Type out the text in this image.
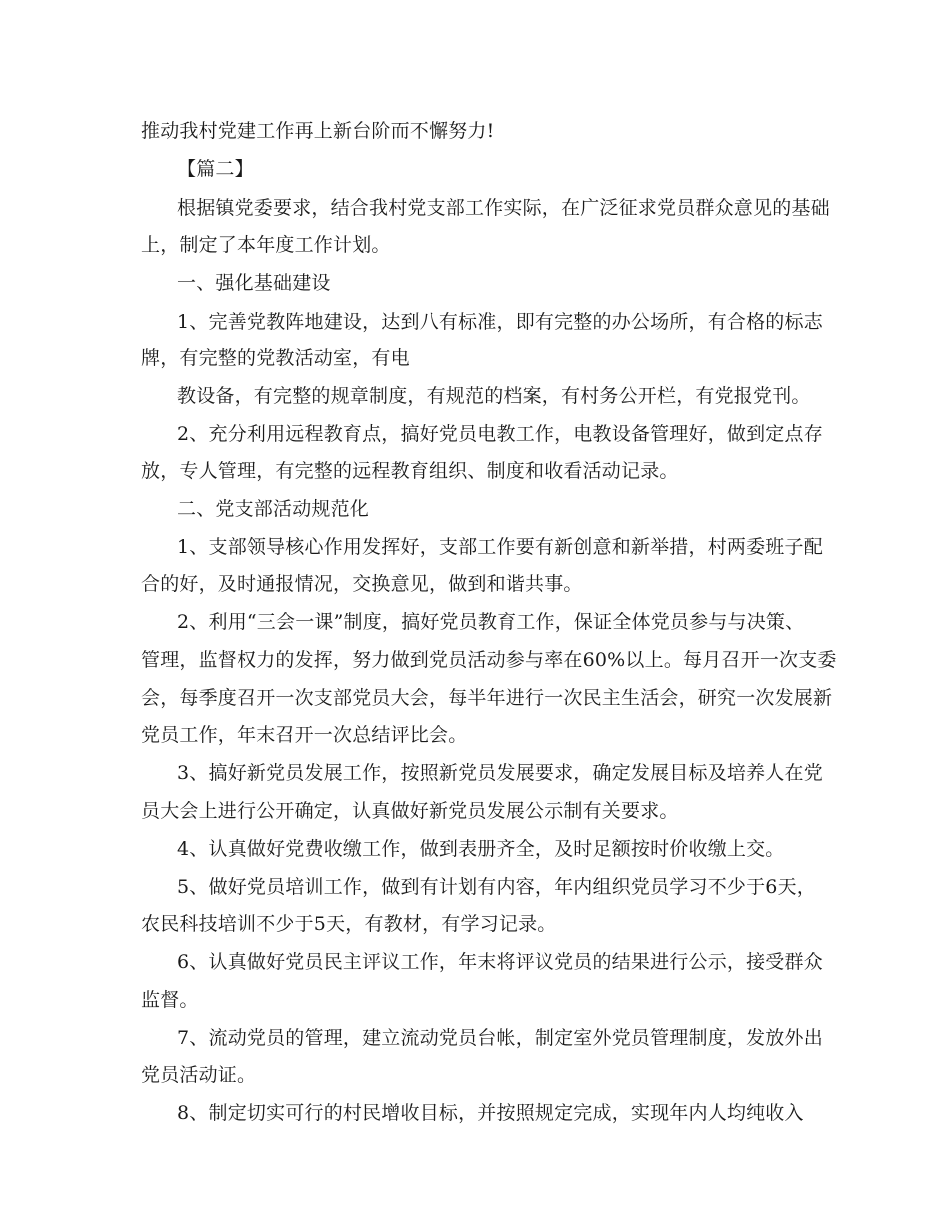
推动我村党建工作再上新台阶而不懈努力!
【篇二】
根据镇党委要求，结合我村党支部工作实际，在广泛征求党员群众意见的基础
上，制定了本年度工作计划。
一、强化基础建设
1、完善党教阵地建设，达到八有标准，即有完整的办公场所，有合格的标志
牌，有完整的党教活动室，有电
教设备，有完整的规章制度，有规范的档案，有村务公开栏，有党报党刊。
2、充分利用远程教育点，搞好党员电教工作，电教设备管理好，做到定点存
放，专人管理，有完整的远程教育组织、制度和收看活动记录。
二、党支部活动规范化
1、支部领导核心作用发挥好，支部工作要有新创意和新举措，村两委班子配
合的好，及时通报情况，交换意见，做到和谐共事。
2、利用“三会一课”制度，搞好党员教育工作，保证全体党员参与与决策、
管理，监督权力的发挥，努力做到党员活动参与率在60%以上。每月召开一次支委
会，每季度召开一次支部党员大会，每半年进行一次民主生活会，研究一次发展新
党员工作，年末召开一次总结评比会。
3、搞好新党员发展工作，按照新党员发展要求，确定发展目标及培养人在党
员大会上进行公开确定，认真做好新党员发展公示制有关要求。
4、认真做好党费收缴工作，做到表册齐全，及时足额按时价收缴上交。
5、做好党员培训工作，做到有计划有内容，年内组织党员学习不少于6天，
农民科技培训不少于5天，有教材，有学习记录。
6、认真做好党员民主评议工作，年末将评议党员的结果进行公示，接受群众
监督。
7、流动党员的管理，建立流动党员台帐，制定室外党员管理制度，发放外出
党员活动证。
8、制定切实可行的村民增收目标，并按照规定完成，实现年内人均纯收入
